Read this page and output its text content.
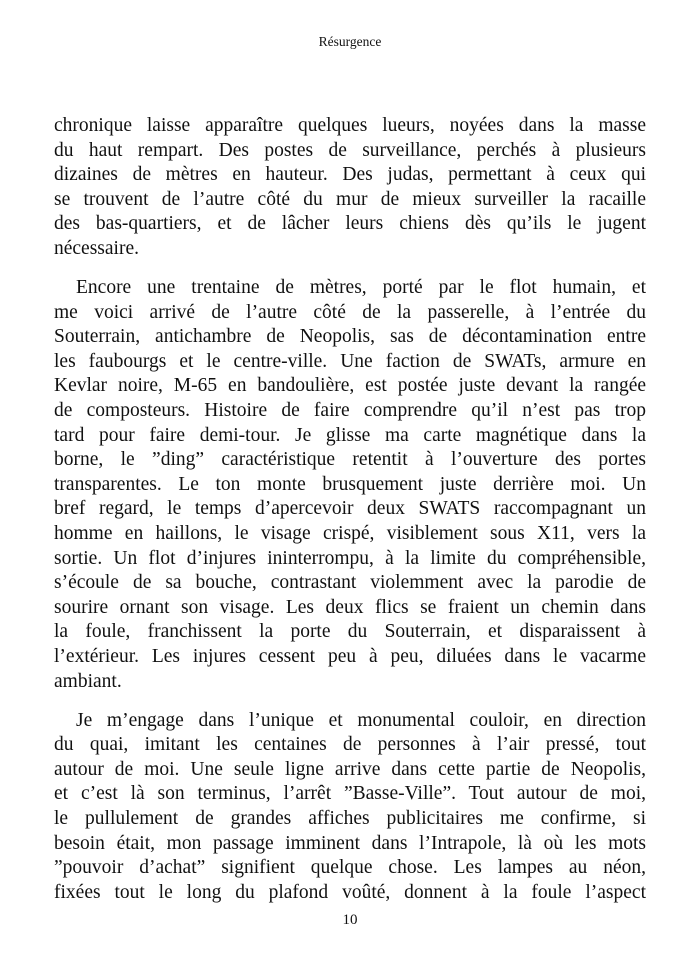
Résurgence
chronique laisse apparaître quelques lueurs, noyées dans la masse
du haut rempart. Des postes de surveillance, perchés à plusieurs
dizaines de mètres en hauteur. Des judas, permettant à ceux qui
se trouvent de l’autre côté du mur de mieux surveiller la racaille
des bas-quartiers, et de lâcher leurs chiens dès qu’ils le jugent
nécessaire.
Encore une trentaine de mètres, porté par le flot humain, et
me voici arrivé de l’autre côté de la passerelle, à l’entrée du
Souterrain, antichambre de Neopolis, sas de décontamination entre
les faubourgs et le centre-ville. Une faction de SWATs, armure en
Kevlar noire, M-65 en bandoulière, est postée juste devant la rangée
de composteurs. Histoire de faire comprendre qu’il n’est pas trop
tard pour faire demi-tour. Je glisse ma carte magnétique dans la
borne, le ”ding” caractéristique retentit à l’ouverture des portes
transparentes. Le ton monte brusquement juste derrière moi. Un
bref regard, le temps d’apercevoir deux SWATS raccompagnant un
homme en haillons, le visage crispé, visiblement sous X11, vers la
sortie. Un flot d’injures ininterrompu, à la limite du compréhensible,
s’écoule de sa bouche, contrastant violemment avec la parodie de
sourire ornant son visage. Les deux flics se fraient un chemin dans
la foule, franchissent la porte du Souterrain, et disparaissent à
l’extérieur. Les injures cessent peu à peu, diluées dans le vacarme
ambiant.
Je m’engage dans l’unique et monumental couloir, en direction
du quai, imitant les centaines de personnes à l’air pressé, tout
autour de moi. Une seule ligne arrive dans cette partie de Neopolis,
et c’est là son terminus, l’arrêt ”Basse-Ville”. Tout autour de moi,
le pullulement de grandes affiches publicitaires me confirme, si
besoin était, mon passage imminent dans l’Intrapole, là où les mots
”pouvoir d’achat” signifient quelque chose. Les lampes au néon,
fixées tout le long du plafond voûté, donnent à la foule l’aspect
10
